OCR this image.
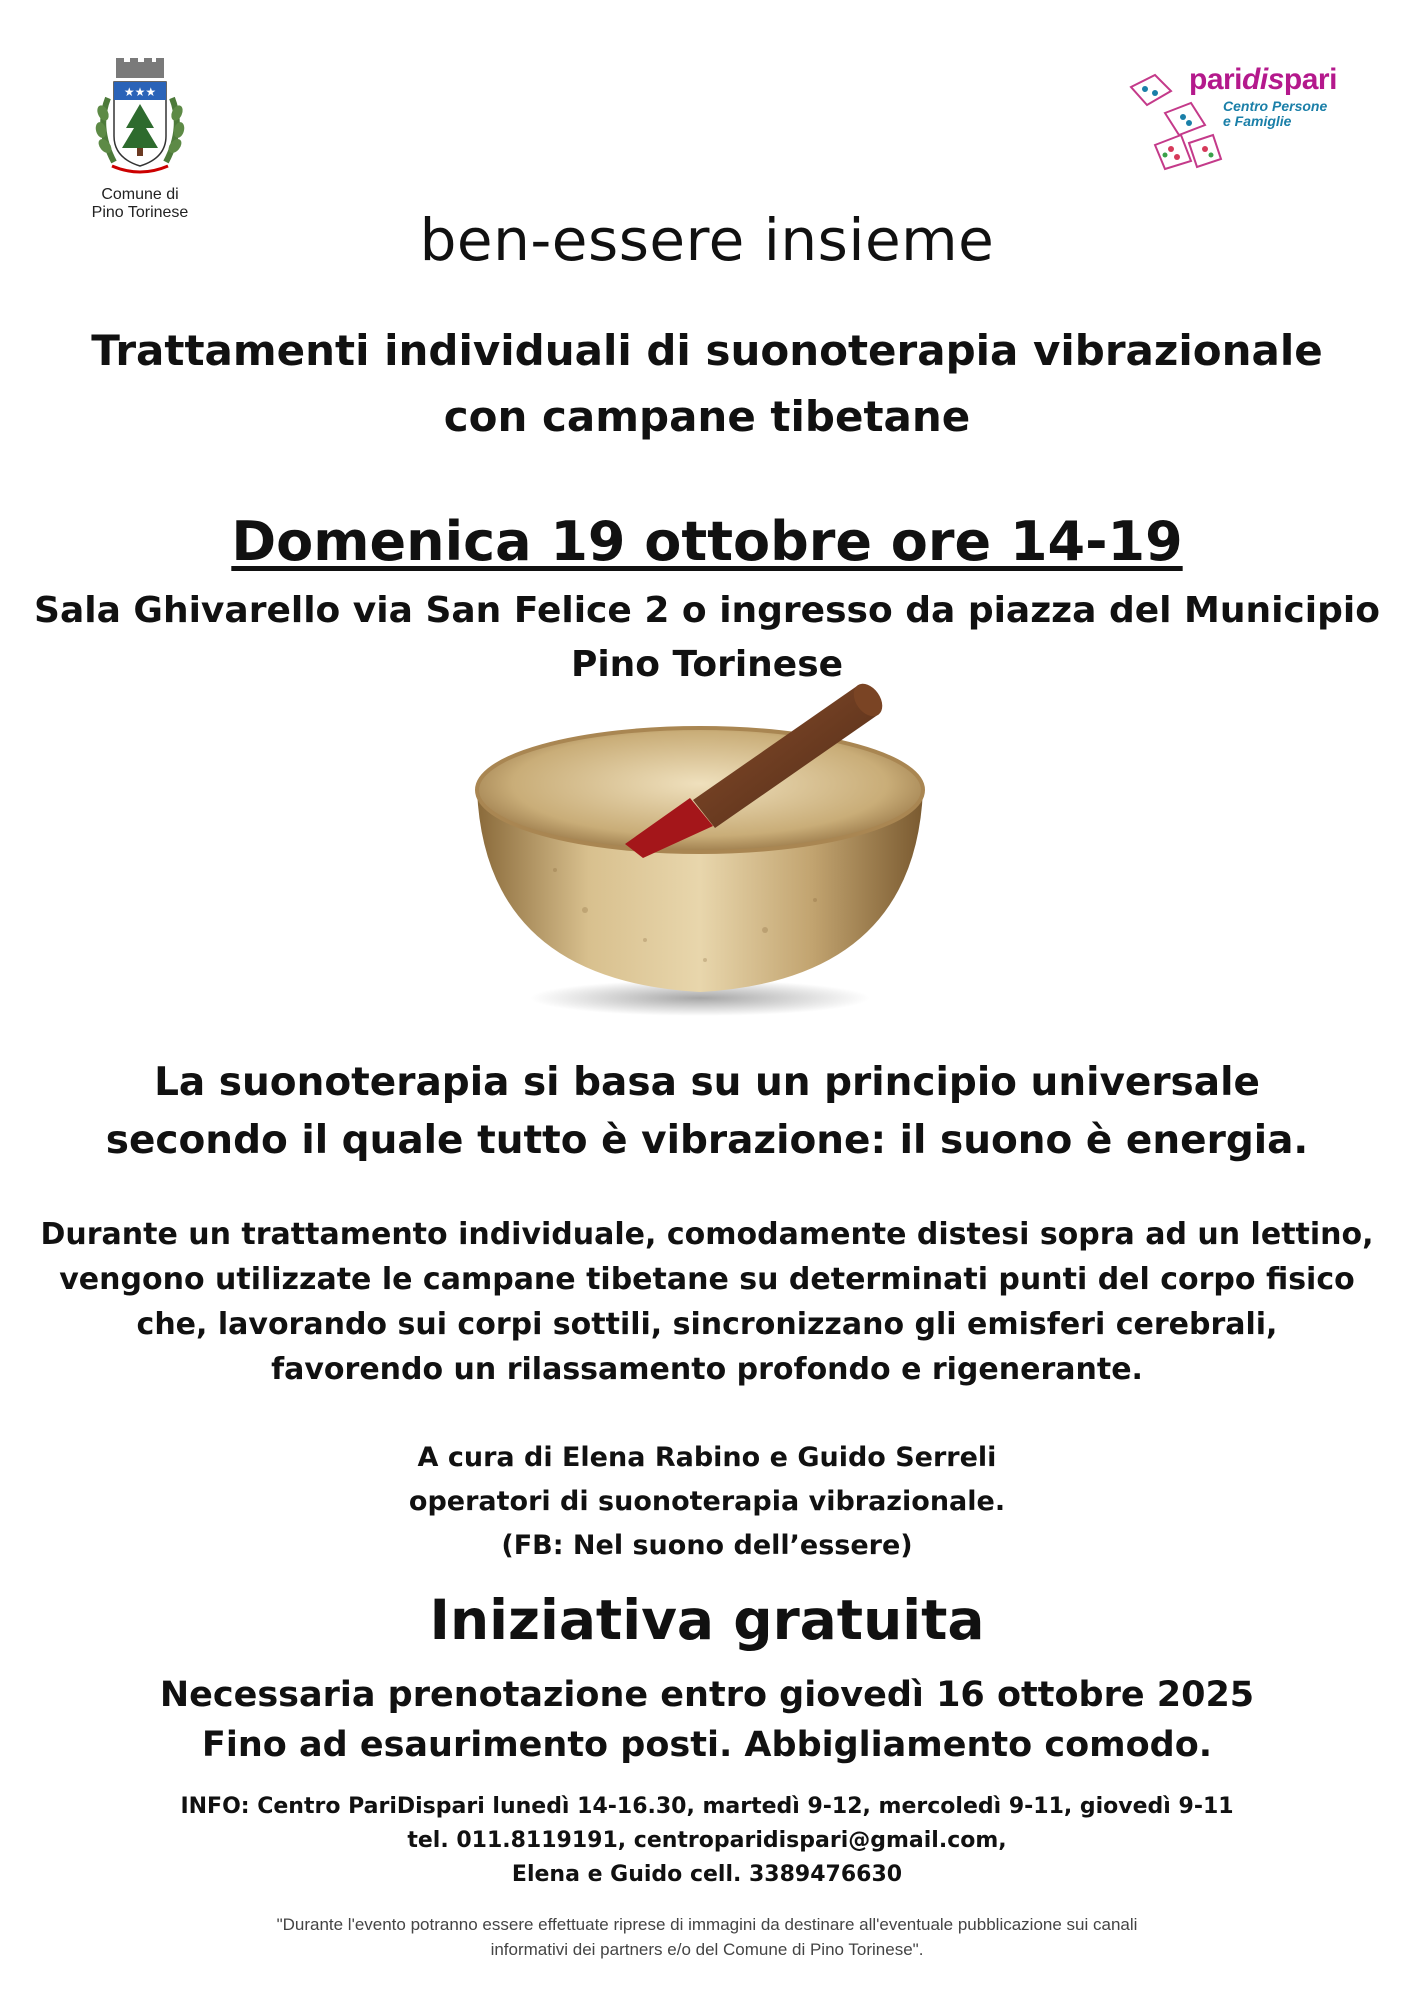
★★★
Comune di
Pino Torinese
paridispari
Centro Persone
e Famiglie
ben-essere insieme
Trattamenti individuali di suonoterapia vibrazionale
con campane tibetane
Domenica 19 ottobre ore 14-19
Sala Ghivarello via San Felice 2 o ingresso da piazza del Municipio
Pino Torinese
La suonoterapia si basa su un principio universale
secondo il quale tutto è vibrazione: il suono è energia.
Durante un trattamento individuale, comodamente distesi sopra ad un lettino,
vengono utilizzate le campane tibetane su determinati punti del corpo fisico
che, lavorando sui corpi sottili, sincronizzano gli emisferi cerebrali,
favorendo un rilassamento profondo e rigenerante.
A cura di Elena Rabino e Guido Serreli
operatori di suonoterapia vibrazionale.
(FB: Nel suono dell’essere)
Iniziativa gratuita
Necessaria prenotazione entro giovedì 16 ottobre 2025
Fino ad esaurimento posti. Abbigliamento comodo.
INFO: Centro PariDispari lunedì 14-16.30, martedì 9-12, mercoledì 9-11, giovedì 9-11
tel. 011.8119191, centroparidispari@gmail.com,
Elena e Guido cell. 3389476630
"Durante l'evento potranno essere effettuate riprese di immagini da destinare all'eventuale pubblicazione sui canali
informativi dei partners e/o del Comune di Pino Torinese".
